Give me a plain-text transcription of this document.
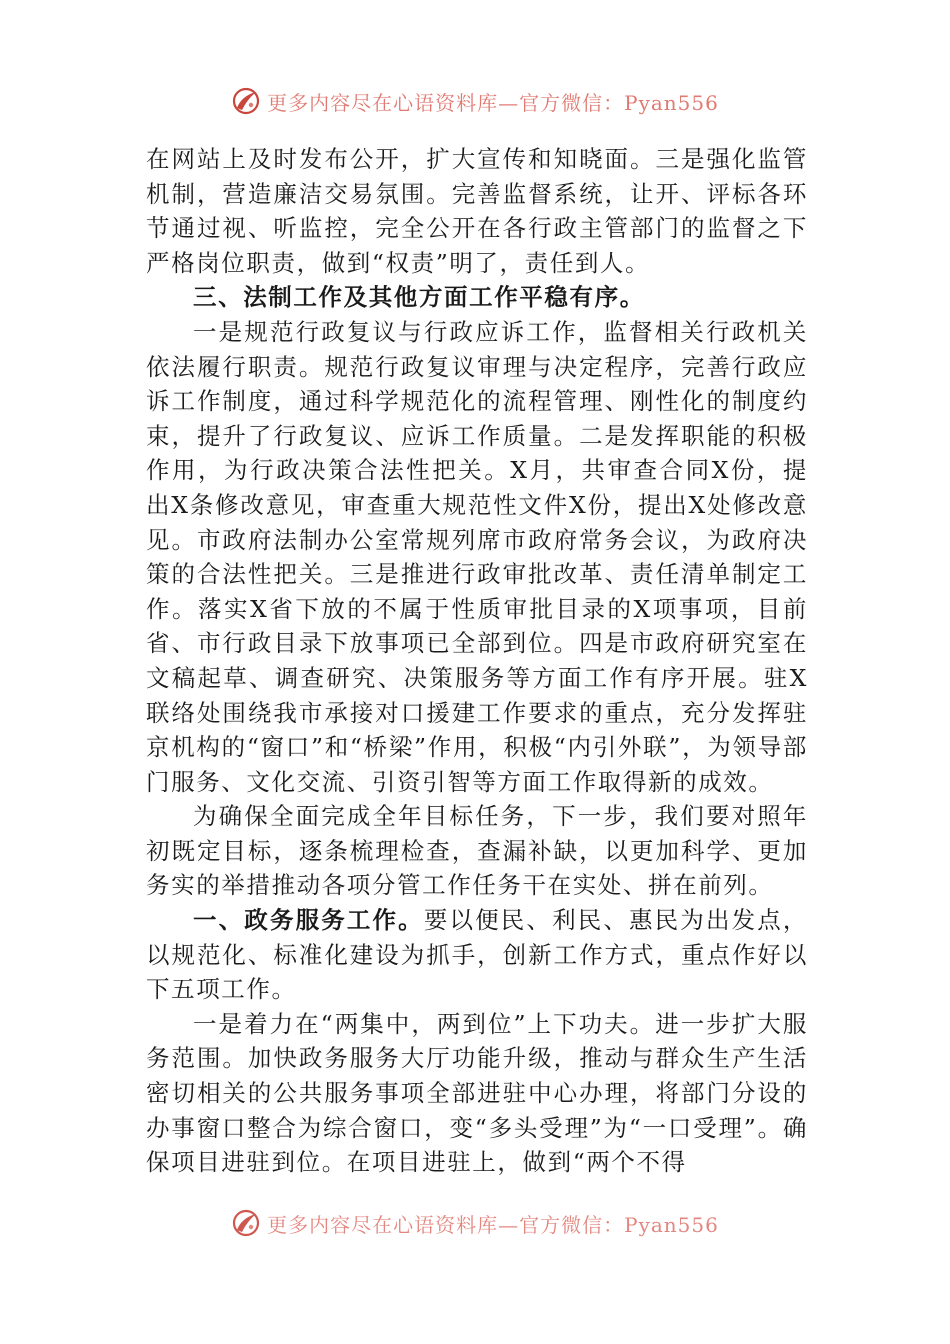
更多内容尽在心语资料库—官方微信：Pyan556

在网站上及时发布公开，扩大宣传和知晓面。三是强化监管机制，营造廉洁交易氛围。完善监督系统，让开、评标各环节通过视、听监控，完全公开在各行政主管部门的监督之下严格岗位职责，做到“权责”明了，责任到人。

三、法制工作及其他方面工作平稳有序。

一是规范行政复议与行政应诉工作，监督相关行政机关依法履行职责。规范行政复议审理与决定程序，完善行政应诉工作制度，通过科学规范化的流程管理、刚性化的制度约束，提升了行政复议、应诉工作质量。二是发挥职能的积极作用，为行政决策合法性把关。X月，共审查合同X份，提出X条修改意见，审查重大规范性文件X份，提出X处修改意见。市政府法制办公室常规列席市政府常务会议，为政府决策的合法性把关。三是推进行政审批改革、责任清单制定工作。落实X省下放的不属于性质审批目录的X项事项，目前省、市行政目录下放事项已全部到位。四是市政府研究室在文稿起草、调查研究、决策服务等方面工作有序开展。驻X联络处围绕我市承接对口援建工作要求的重点，充分发挥驻京机构的“窗口”和“桥梁”作用，积极“内引外联”，为领导部门服务、文化交流、引资引智等方面工作取得新的成效。

为确保全面完成全年目标任务，下一步，我们要对照年初既定目标，逐条梳理检查，查漏补缺，以更加科学、更加务实的举措推动各项分管工作任务干在实处、拼在前列。

一、政务服务工作。要以便民、利民、惠民为出发点，以规范化、标准化建设为抓手，创新工作方式，重点作好以下五项工作。

一是着力在“两集中，两到位”上下功夫。进一步扩大服务范围。加快政务服务大厅功能升级，推动与群众生产生活密切相关的公共服务事项全部进驻中心办理，将部门分设的办事窗口整合为综合窗口，变“多头受理”为“一口受理”。确保项目进驻到位。在项目进驻上，做到“两个不得

更多内容尽在心语资料库—官方微信：Pyan556
